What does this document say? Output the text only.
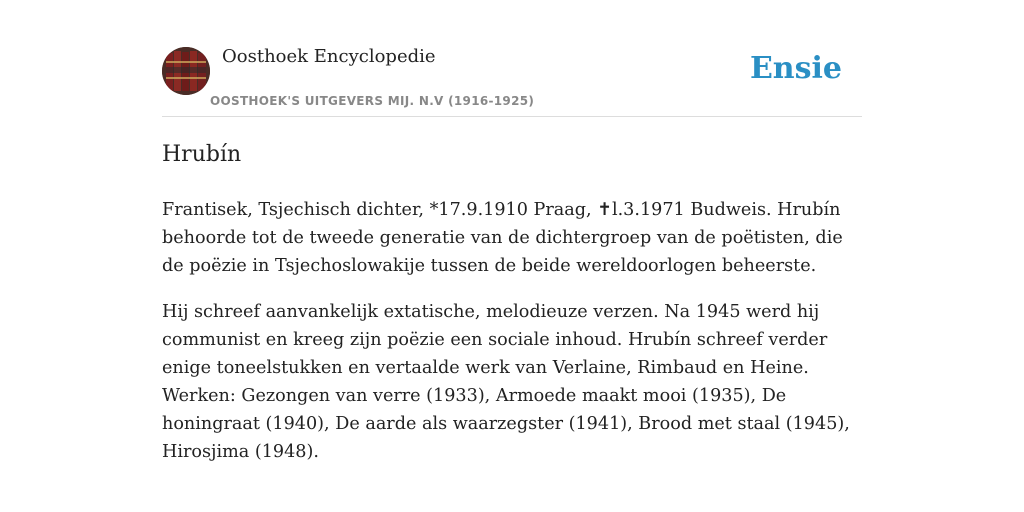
Oosthoek Encyclopedie
OOSTHOEK'S UITGEVERS MIJ. N.V (1916-1925)
Ensie
Hrubín

Frantisek, Tsjechisch dichter, *17.9.1910 Praag, ✝l.3.1971 Budweis. Hrubín behoorde tot de tweede generatie van de dichtergroep van de poëtisten, die de poëzie in Tsjechoslowakije tussen de beide wereldoorlogen beheerste.

Hij schreef aanvankelijk extatische, melodieuze verzen. Na 1945 werd hij communist en kreeg zijn poëzie een sociale inhoud. Hrubín schreef verder enige toneelstukken en vertaalde werk van Verlaine, Rimbaud en Heine. Werken: Gezongen van verre (1933), Armoede maakt mooi (1935), De honingraat (1940), De aarde als waarzegster (1941), Brood met staal (1945), Hirosjima (1948).
